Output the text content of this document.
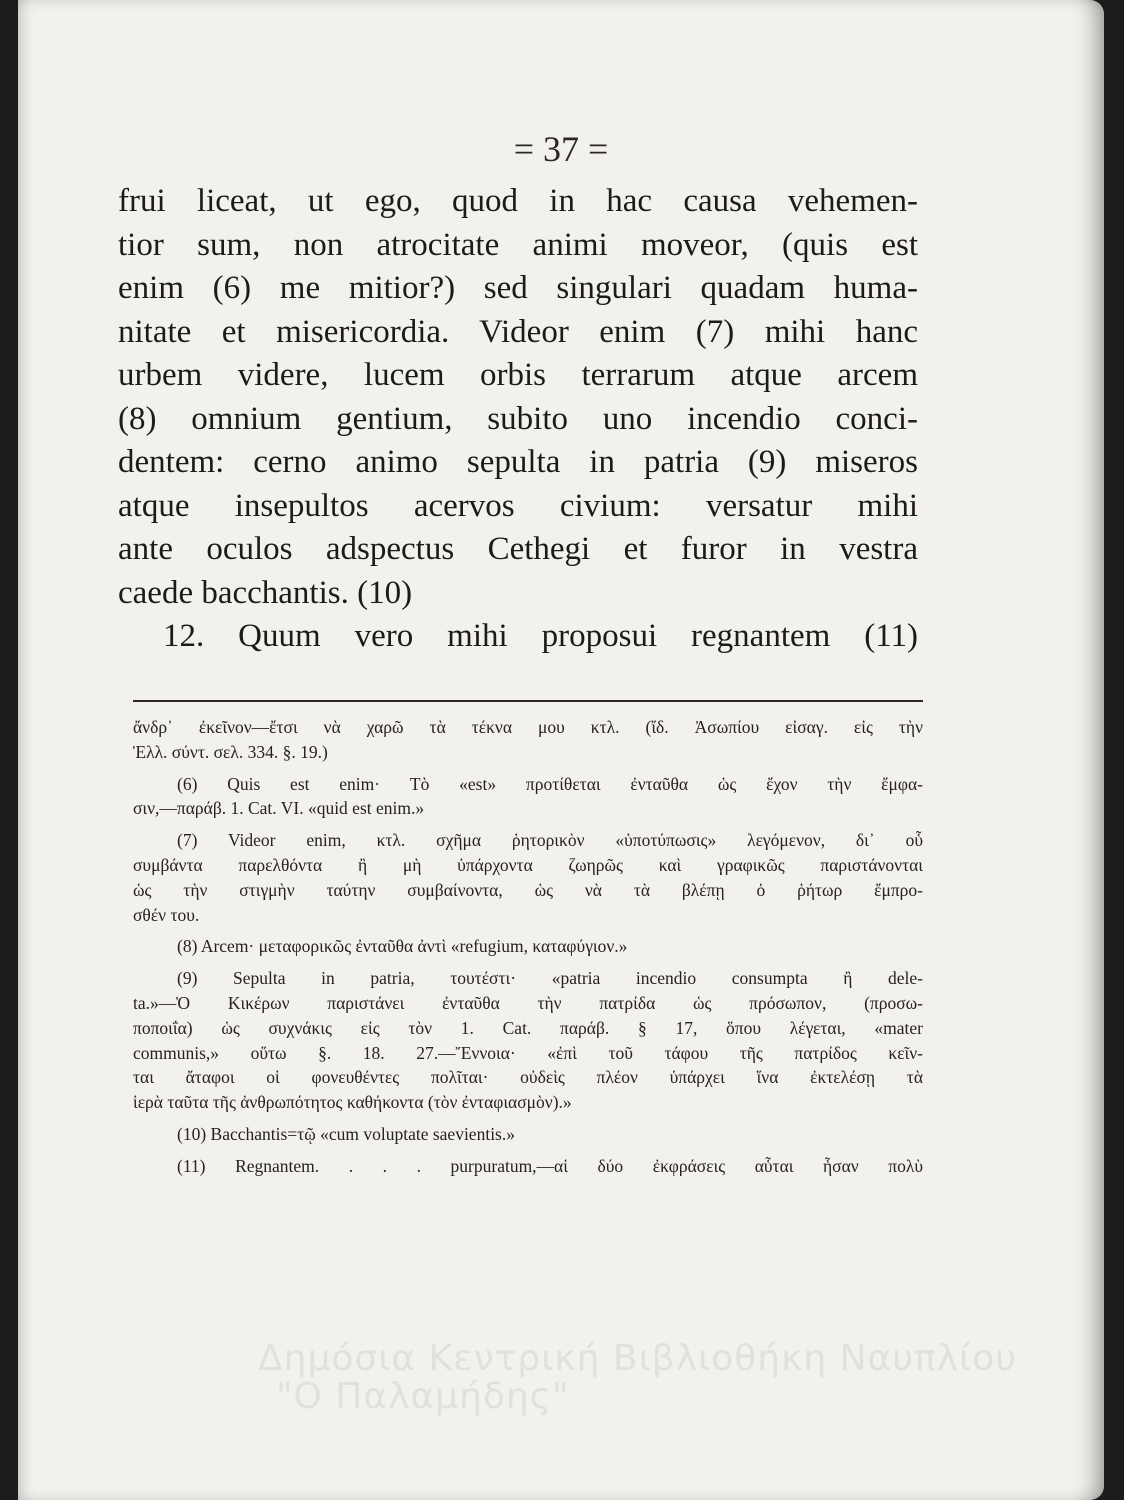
= 37 =
frui liceat, ut ego, quod in hac causa vehemen-
tior sum, non atrocitate animi moveor, (quis est
enim (6) me mitior?) sed singulari quadam huma-
nitate et misericordia. Videor enim (7) mihi hanc
urbem videre, lucem orbis terrarum atque arcem
(8) omnium gentium, subito uno incendio conci-
dentem: cerno animo sepulta in patria (9) miseros
atque insepultos acervos civium: versatur mihi
ante oculos adspectus Cethegi et furor in vestra
caede bacchantis. (10)
12. Quum vero mihi proposui regnantem (11)
ἄνδρ᾽ ἐκεῖνον—ἔτσι νὰ χαρῶ τὰ τέκνα μου κτλ. (ἴδ. Ἀσωπίου εἰσαγ. εἰς τὴν
Ἑλλ. σύντ. σελ. 334. §. 19.)
(6) Quis est enim· Τὸ «est» προτίθεται ἐνταῦθα ὡς ἔχον τὴν ἔμφα-
σιν,—παράβ. 1. Cat. VI. «quid est enim.»
(7) Videor enim, κτλ. σχῆμα ῥητορικὸν «ὑποτύπωσις» λεγόμενον, δι᾽ οὗ
συμβάντα παρελθόντα ἢ μὴ ὑπάρχοντα ζωηρῶς καὶ γραφικῶς παριστάνονται
ὡς τὴν στιγμὴν ταύτην συμβαίνοντα, ὡς νὰ τὰ βλέπῃ ὁ ῥήτωρ ἔμπρο-
σθέν του.
(8) Arcem· μεταφορικῶς ἐνταῦθα ἀντὶ «refugium, καταφύγιον.»
(9) Sepulta in patria, τουτέστι· «patria incendio consumpta ἢ dele-
ta.»—Ὁ Κικέρων παριστάνει ἐνταῦθα τὴν πατρίδα ὡς πρόσωπον, (προσω-
ποποιΐα) ὡς συχνάκις εἰς τὸν 1. Cat. παράβ. § 17, ὅπου λέγεται, «mater
communis,» οὕτω §. 18. 27.—Ἔννοια· «ἐπὶ τοῦ τάφου τῆς πατρίδος κεῖν-
ται ἄταφοι οἱ φονευθέντες πολῖται· οὐδεὶς πλέον ὑπάρχει ἵνα ἐκτελέσῃ τὰ
ἱερὰ ταῦτα τῆς ἀνθρωπότητος καθήκοντα (τὸν ἐνταφιασμὸν).»
(10) Bacchantis=τῷ «cum voluptate saevientis.»
(11) Regnantem. . . . purpuratum,—αἱ δύο ἐκφράσεις αὗται ἦσαν πολὺ
Δημόσια Κεντρική Βιβλιοθήκη Ναυπλίου
"Ο Παλαμήδης"
